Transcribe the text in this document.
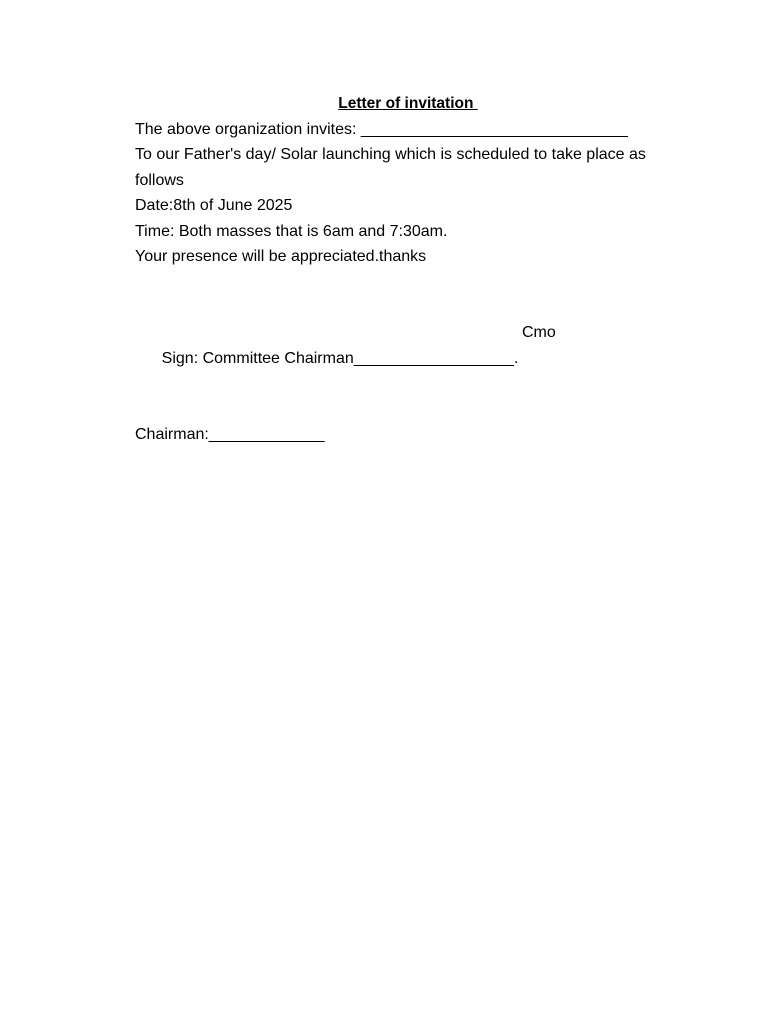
Letter of invitation
The above organization invites: ______________________________
To our Father's day/ Solar launching which is scheduled to take place as
follows
Date:8th of June 2025
Time: Both masses that is 6am and 7:30am.
Your presence will be appreciated.thanks

Sign: Committee Chairman__________________.

Cmo

Chairman:_____________
